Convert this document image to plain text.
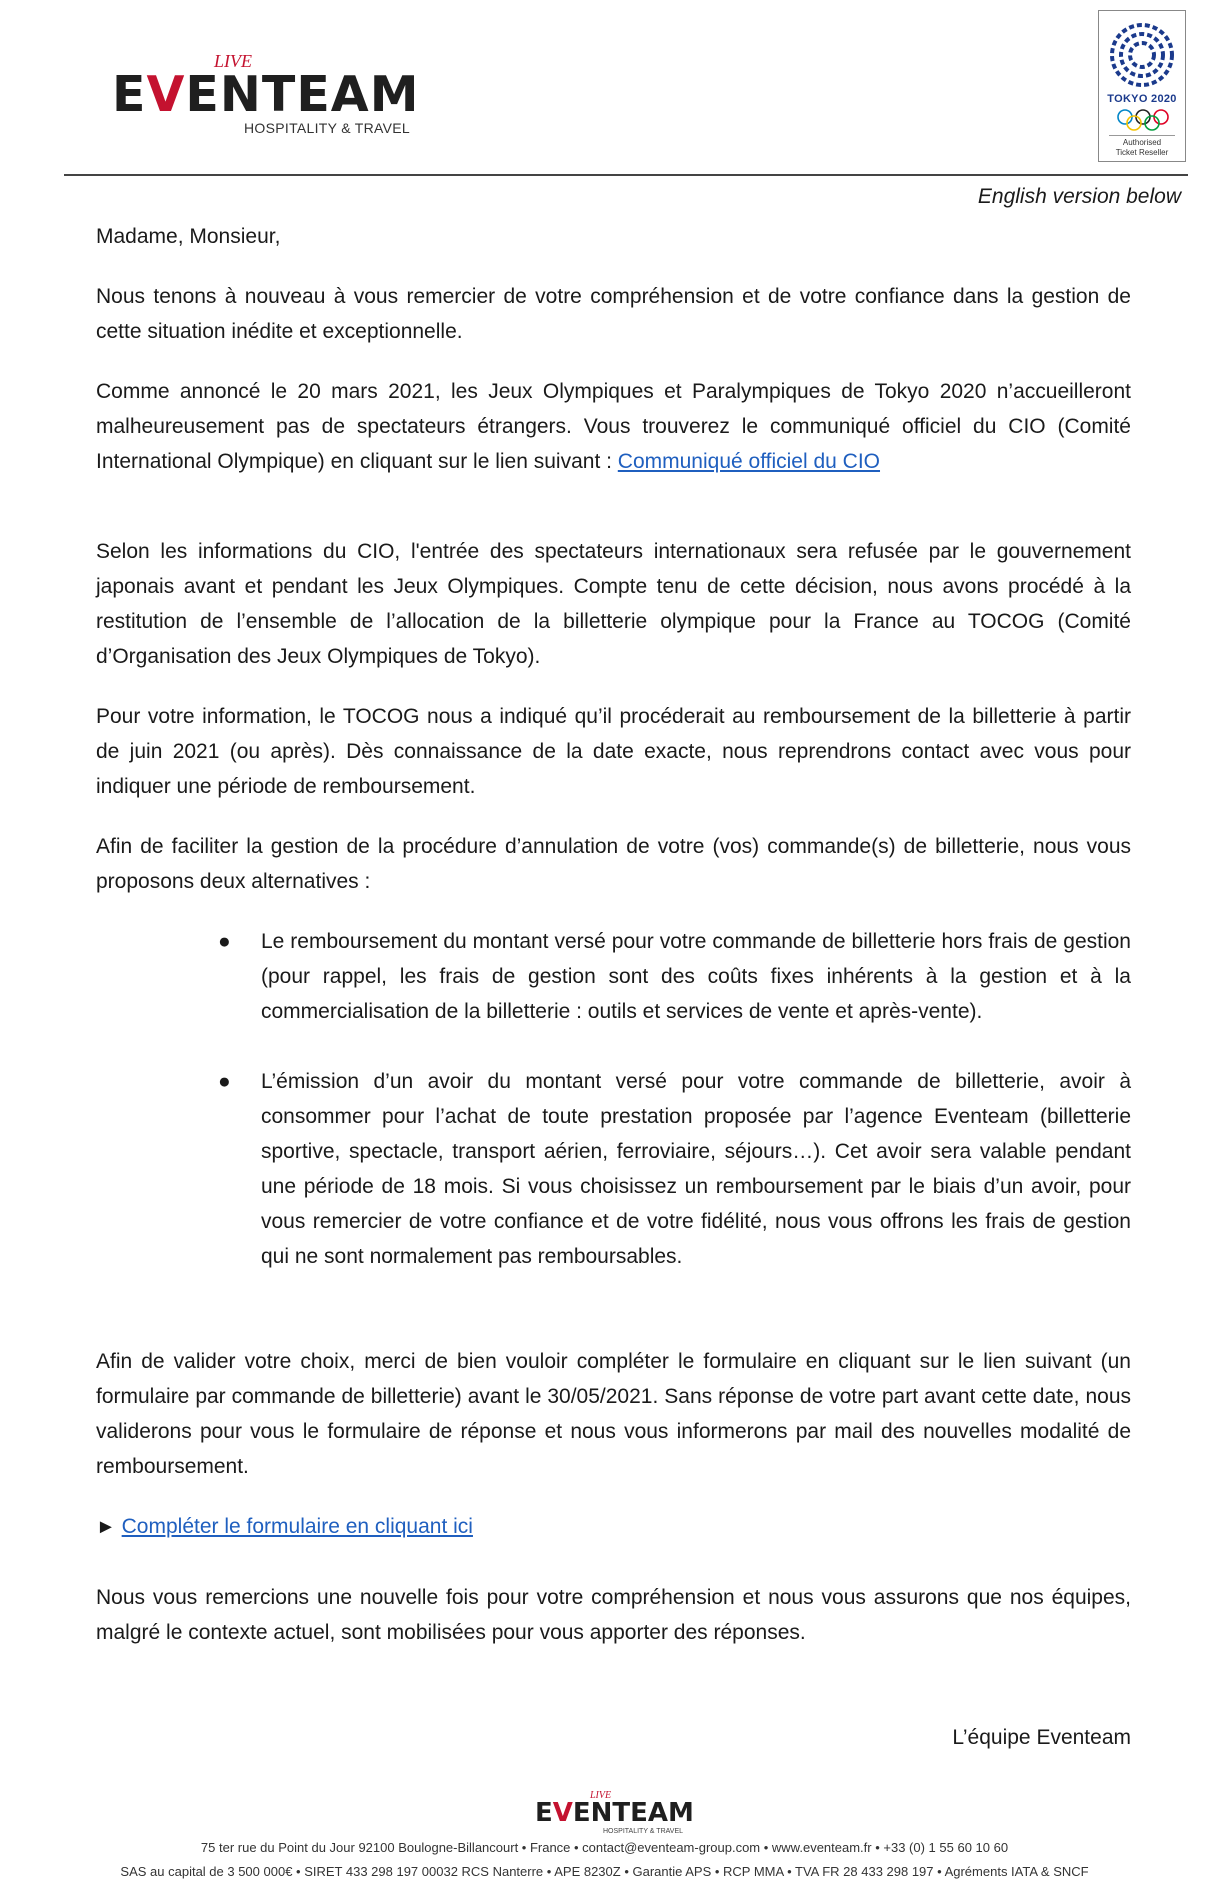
LIVE
EVENTEAM
HOSPITALITY & TRAVEL
TOKYO 2020
Authorised
Ticket Reseller
English version below

Madame, Monsieur,

Nous tenons à nouveau à vous remercier de votre compréhension et de votre confiance dans la gestion de cette situation inédite et exceptionnelle.

Comme annoncé le 20 mars 2021, les Jeux Olympiques et Paralympiques de Tokyo 2020 n’accueilleront malheureusement pas de spectateurs étrangers. Vous trouverez le communiqué officiel du CIO (Comité International Olympique) en cliquant sur le lien suivant : Communiqué officiel du CIO

Selon les informations du CIO, l'entrée des spectateurs internationaux sera refusée par le gouvernement japonais avant et pendant les Jeux Olympiques. Compte tenu de cette décision, nous avons procédé à la restitution de l’ensemble de l’allocation de la billetterie olympique pour la France au TOCOG (Comité d’Organisation des Jeux Olympiques de Tokyo).

Pour votre information, le TOCOG nous a indiqué qu’il procéderait au remboursement de la billetterie à partir de juin 2021 (ou après). Dès connaissance de la date exacte, nous reprendrons contact avec vous pour indiquer une période de remboursement.

Afin de faciliter la gestion de la procédure d’annulation de votre (vos) commande(s) de billetterie, nous vous proposons deux alternatives :

● Le remboursement du montant versé pour votre commande de billetterie hors frais de gestion (pour rappel, les frais de gestion sont des coûts fixes inhérents à la gestion et à la commercialisation de la billetterie : outils et services de vente et après-vente).
● L’émission d’un avoir du montant versé pour votre commande de billetterie, avoir à consommer pour l’achat de toute prestation proposée par l’agence Eventeam (billetterie sportive, spectacle, transport aérien, ferroviaire, séjours…). Cet avoir sera valable pendant une période de 18 mois. Si vous choisissez un remboursement par le biais d’un avoir, pour vous remercier de votre confiance et de votre fidélité, nous vous offrons les frais de gestion qui ne sont normalement pas remboursables.

Afin de valider votre choix, merci de bien vouloir compléter le formulaire en cliquant sur le lien suivant (un formulaire par commande de billetterie) avant le 30/05/2021. Sans réponse de votre part avant cette date, nous validerons pour vous le formulaire de réponse et nous vous informerons par mail des nouvelles modalité de remboursement.

► Compléter le formulaire en cliquant ici

Nous vous remercions une nouvelle fois pour votre compréhension et nous vous assurons que nos équipes, malgré le contexte actuel, sont mobilisées pour vous apporter des réponses.

L’équipe Eventeam

LIVE
EVENTEAM
HOSPITALITY & TRAVEL
75 ter rue du Point du Jour 92100 Boulogne-Billancourt • France • contact@eventeam-group.com • www.eventeam.fr • +33 (0) 1 55 60 10 60
SAS au capital de 3 500 000€ • SIRET 433 298 197 00032 RCS Nanterre • APE 8230Z • Garantie APS • RCP MMA • TVA FR 28 433 298 197 • Agréments IATA & SNCF
